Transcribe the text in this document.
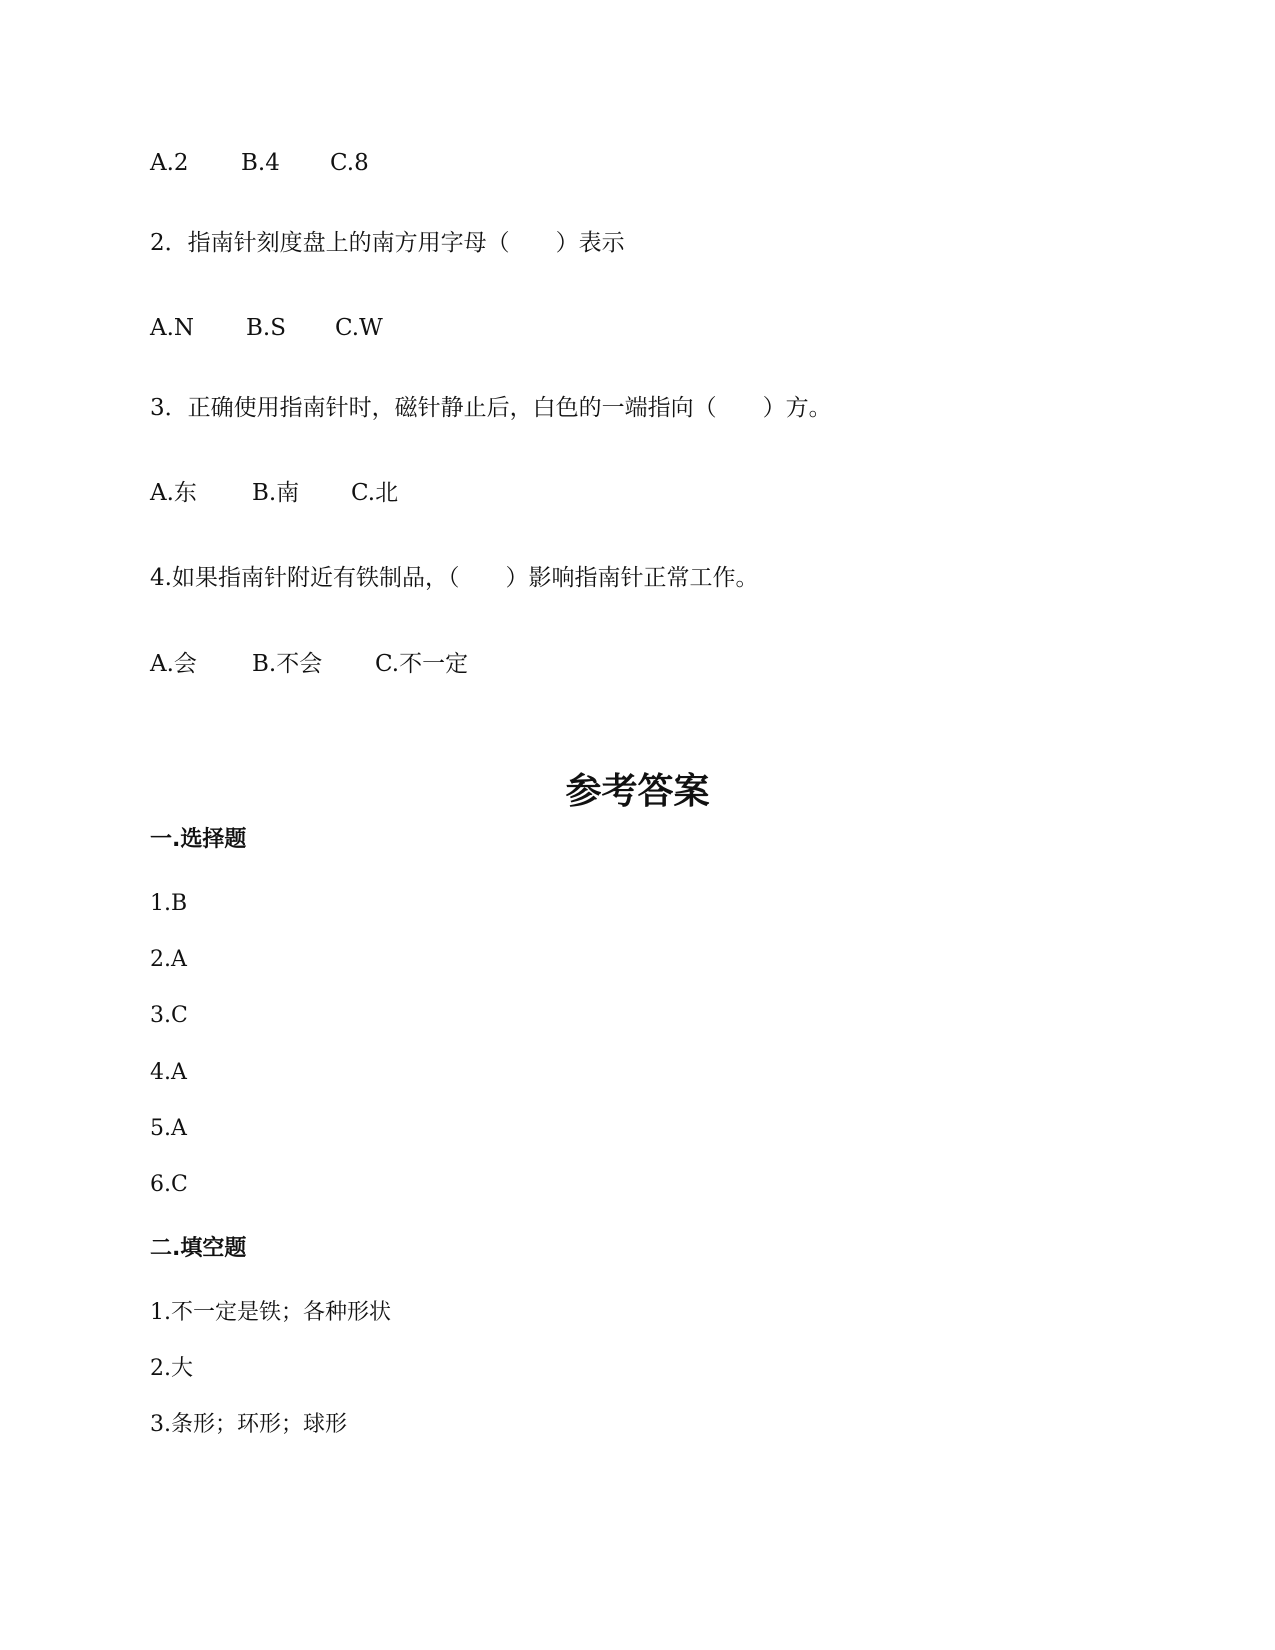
A.2 B.4 C.8
2．指南针刻度盘上的南方用字母（　　）表示
A.N B.S C.W
3．正确使用指南针时，磁针静止后，白色的一端指向（　　）方。
A.东 B.南 C.北
4.如果指南针附近有铁制品，（　　）影响指南针正常工作。
A.会 B.不会 C.不一定
参考答案
一.选择题
1.B
2.A
3.C
4.A
5.A
6.C
二.填空题
1.不一定是铁；各种形状
2.大
3.条形；环形；球形
